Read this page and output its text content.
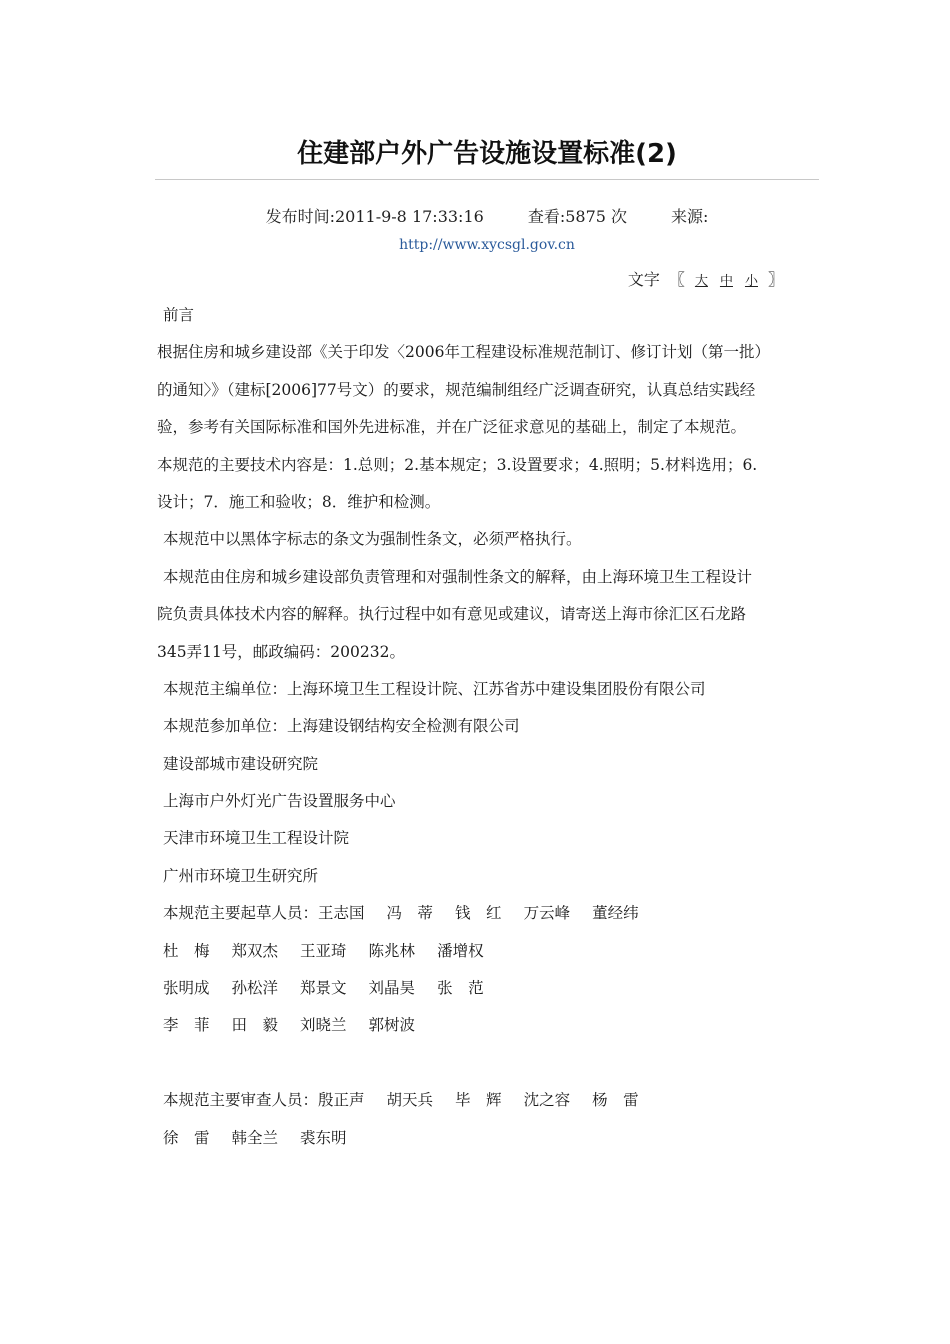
住建部户外广告设施设置标准(2)
发布时间:2011-9-8 17:33:16	查看:5875 次	来源:
http://www.xycsgl.gov.cn
文字 〖 大 中 小 〗
前言
根据住房和城乡建设部《关于印发〈2006年工程建设标准规范制订、修订计划（第一批）
的通知〉》（建标[2006]77号文）的要求，规范编制组经广泛调查研究，认真总结实践经
验，参考有关国际标准和国外先进标准，并在广泛征求意见的基础上，制定了本规范。
本规范的主要技术内容是：1.总则；2.基本规定；3.设置要求；4.照明；5.材料选用；6.
设计；7．施工和验收；8．维护和检测。
本规范中以黑体字标志的条文为强制性条文，必须严格执行。
本规范由住房和城乡建设部负责管理和对强制性条文的解释，由上海环境卫生工程设计
院负责具体技术内容的解释。执行过程中如有意见或建议，请寄送上海市徐汇区石龙路
345弄11号，邮政编码：200232。
本规范主编单位：上海环境卫生工程设计院、江苏省苏中建设集团股份有限公司
本规范参加单位：上海建设钢结构安全检测有限公司
建设部城市建设研究院
上海市户外灯光广告设置服务中心
天津市环境卫生工程设计院
广州市环境卫生研究所
本规范主要起草人员：王志国 冯　蒂 钱　红 万云峰 董经纬
杜　梅 郑双杰 王亚琦 陈兆林 潘增权
张明成 孙松洋 郑景文 刘晶昊 张　范
李　菲 田　毅 刘晓兰 郭树波
本规范主要审查人员：殷正声 胡天兵 毕　辉 沈之容 杨　雷
徐　雷 韩全兰 裘东明
